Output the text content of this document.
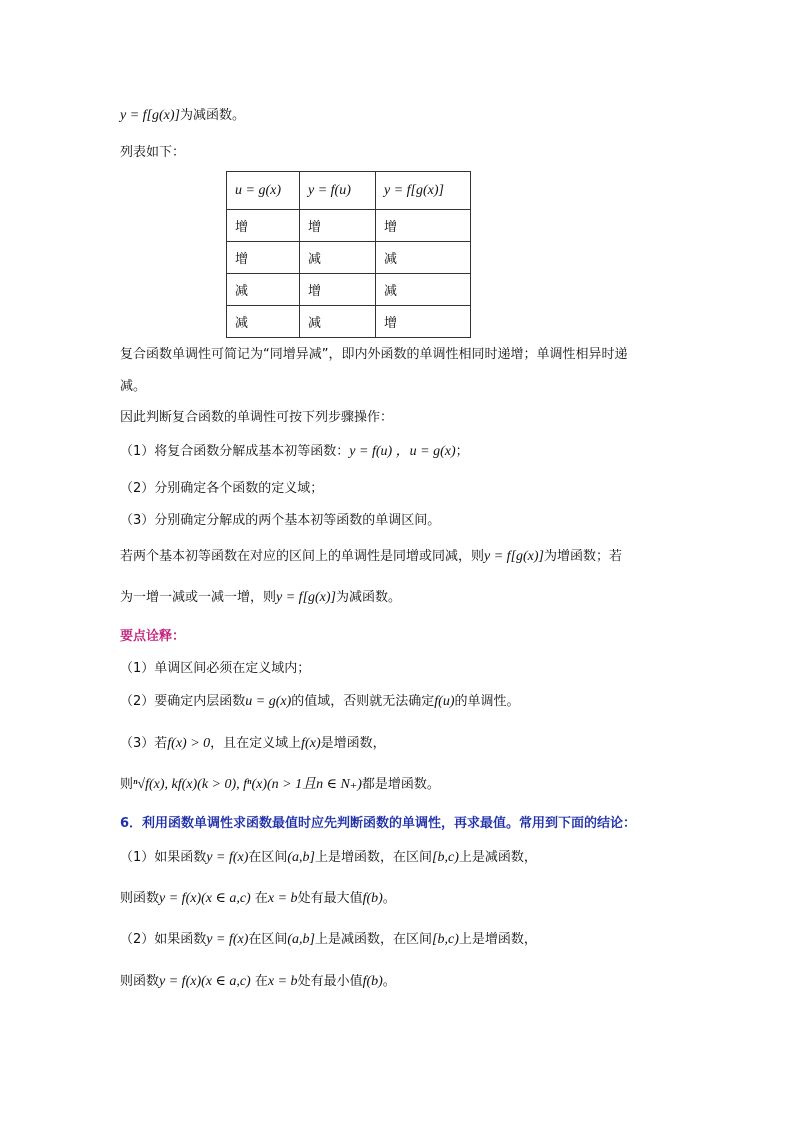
y = f[g(x)]为减函数。
列表如下：
u = g(x)	y = f(u)	y = f[g(x)]
增	增	增
增	减	减
减	增	减
减	减	增
复合函数单调性可简记为“同增异减”，即内外函数的单调性相同时递增；单调性相异时递
减。
因此判断复合函数的单调性可按下列步骤操作：
（1）将复合函数分解成基本初等函数：y = f(u) ，u = g(x)；
（2）分别确定各个函数的定义域；
（3）分别确定分解成的两个基本初等函数的单调区间。
若两个基本初等函数在对应的区间上的单调性是同增或同减，则y = f[g(x)]为增函数；若
为一增一减或一减一增，则y = f[g(x)]为减函数。
要点诠释：
（1）单调区间必须在定义域内；
（2）要确定内层函数u = g(x)的值域，否则就无法确定f(u)的单调性。
（3）若f(x) > 0，且在定义域上f(x)是增函数，
则ⁿ√f(x), kf(x)(k > 0), fⁿ(x)(n > 1且n ∈ N₊)都是增函数。
6．利用函数单调性求函数最值时应先判断函数的单调性，再求最值。常用到下面的结论：
（1）如果函数y = f(x)在区间(a,b]上是增函数，在区间[b,c)上是减函数，
则函数y = f(x)(x ∈ a,c) 在x = b处有最大值f(b)。
（2）如果函数y = f(x)在区间(a,b]上是减函数，在区间[b,c)上是增函数，
则函数y = f(x)(x ∈ a,c) 在x = b处有最小值f(b)。
